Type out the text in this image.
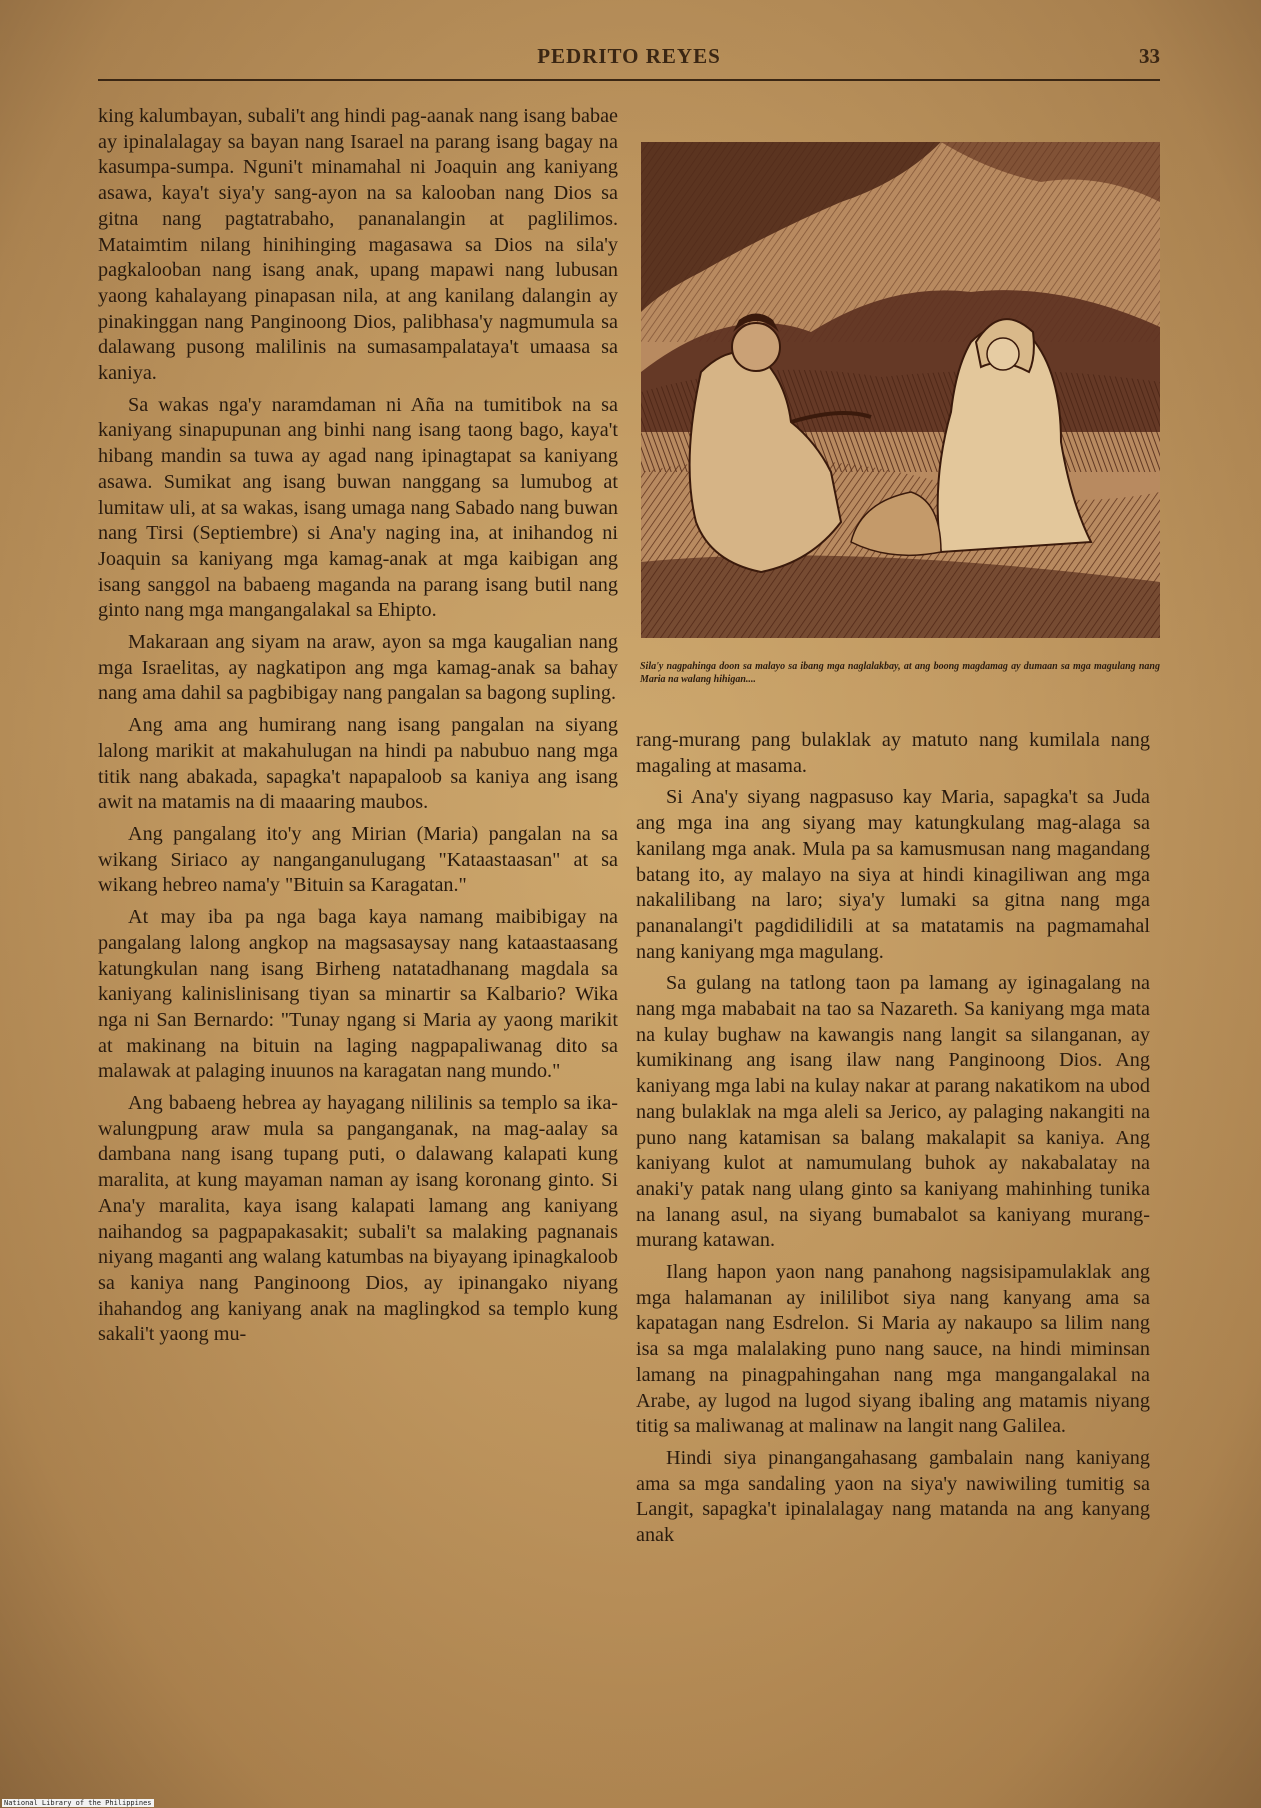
PEDRITO REYES	33

king kalumbayan, subali't ang hindi pag-aanak nang isang babae ay ipinalalagay sa bayan nang Isarael na parang isang bagay na kasumpa-sumpa. Nguni't minamahal ni Joaquin ang kaniyang asawa, kaya't siya'y sang-ayon na sa kalooban nang Dios sa gitna nang pagtatrabaho, pananalangin at paglilimos. Mataimtim nilang hinihinging magasawa sa Dios na sila'y pagkalooban nang isang anak, upang mapawi nang lubusan yaong kahalayang pinapasan nila, at ang kanilang dalangin ay pinakinggan nang Panginoong Dios, palibhasa'y nagmumula sa dalawang pusong malilinis na sumasampalataya't umaasa sa kaniya.

Sa wakas nga'y naramdaman ni Aña na tumitibok na sa kaniyang sinapupunan ang binhi nang isang taong bago, kaya't hibang mandin sa tuwa ay agad nang ipinagtapat sa kaniyang asawa. Sumikat ang isang buwan nanggang sa lumubog at lumitaw uli, at sa wakas, isang umaga nang Sabado nang buwan nang Tirsi (Septiembre) si Ana'y naging ina, at inihandog ni Joaquin sa kaniyang mga kamag-anak at mga kaibigan ang isang sanggol na babaeng maganda na parang isang butil nang ginto nang mga mangangalakal sa Ehipto.

Makaraan ang siyam na araw, ayon sa mga kaugalian nang mga Israelitas, ay nagkatipon ang mga kamag-anak sa bahay nang ama dahil sa pagbibigay nang pangalan sa bagong supling.

Ang ama ang humirang nang isang pangalan na siyang lalong marikit at makahulugan na hindi pa nabubuo nang mga titik nang abakada, sapagka't napapaloob sa kaniya ang isang awit na matamis na di maaaring maubos.

Ang pangalang ito'y ang Mirian (Maria) pangalan na sa wikang Siriaco ay nanganganulugang "Kataastaasan" at sa wikang hebreo nama'y "Bituin sa Karagatan."

At may iba pa nga baga kaya namang maibibigay na pangalang lalong angkop na magsasaysay nang kataastaasang katungkulan nang isang Birheng natatadhanang magdala sa kaniyang kalinislinisang tiyan sa minartir sa Kalbario? Wika nga ni San Bernardo: "Tunay ngang si Maria ay yaong marikit at makinang na bituin na laging nagpapaliwanag dito sa malawak at palaging inuunos na karagatan nang mundo."

Ang babaeng hebrea ay hayagang nililinis sa templo sa ika-walungpung araw mula sa panganganak, na mag-aalay sa dambana nang isang tupang puti, o dalawang kalapati kung maralita, at kung mayaman naman ay isang koronang ginto. Si Ana'y maralita, kaya isang kalapati lamang ang kaniyang naihandog sa pagpapakasakit; subali't sa malaking pagnanais niyang maganti ang walang katumbas na biyayang ipinagkaloob sa kaniya nang Panginoong Dios, ay ipinangako niyang ihahandog ang kaniyang anak na maglingkod sa templo kung sakali't yaong mu-

Sila'y nagpahinga doon sa malayo sa ibang mga naglalakbay, at ang boong magdamag ay dumaan sa mga magulang nang Maria na walang hihigan....

rang-murang pang bulaklak ay matuto nang kumilala nang magaling at masama.

Si Ana'y siyang nagpasuso kay Maria, sapagka't sa Juda ang mga ina ang siyang may katungkulang mag-alaga sa kanilang mga anak. Mula pa sa kamusmusan nang magandang batang ito, ay malayo na siya at hindi kinagiliwan ang mga nakalilibang na laro; siya'y lumaki sa gitna nang mga pananalangi't pagdidilidili at sa matatamis na pagmamahal nang kaniyang mga magulang.

Sa gulang na tatlong taon pa lamang ay iginagalang na nang mga mababait na tao sa Nazareth. Sa kaniyang mga mata na kulay bughaw na kawangis nang langit sa silanganan, ay kumikinang ang isang ilaw nang Panginoong Dios. Ang kaniyang mga labi na kulay nakar at parang nakatikom na ubod nang bulaklak na mga aleli sa Jerico, ay palaging nakangiti na puno nang katamisan sa balang makalapit sa kaniya. Ang kaniyang kulot at namumulang buhok ay nakabalatay na anaki'y patak nang ulang ginto sa kaniyang mahinhing tunika na lanang asul, na siyang bumabalot sa kaniyang murang-murang katawan.

Ilang hapon yaon nang panahong nagsisipamulaklak ang mga halamanan ay inililibot siya nang kanyang ama sa kapatagan nang Esdrelon. Si Maria ay nakaupo sa lilim nang isa sa mga malalaking puno nang sauce, na hindi miminsan lamang na pinagpahingahan nang mga mangangalakal na Arabe, ay lugod na lugod siyang ibaling ang matamis niyang titig sa maliwanag at malinaw na langit nang Galilea.

Hindi siya pinangangahasang gambalain nang kaniyang ama sa mga sandaling yaon na siya'y nawiwiling tumitig sa Langit, sapagka't ipinalalagay nang matanda na ang kanyang anak

National Library of the Philippines
